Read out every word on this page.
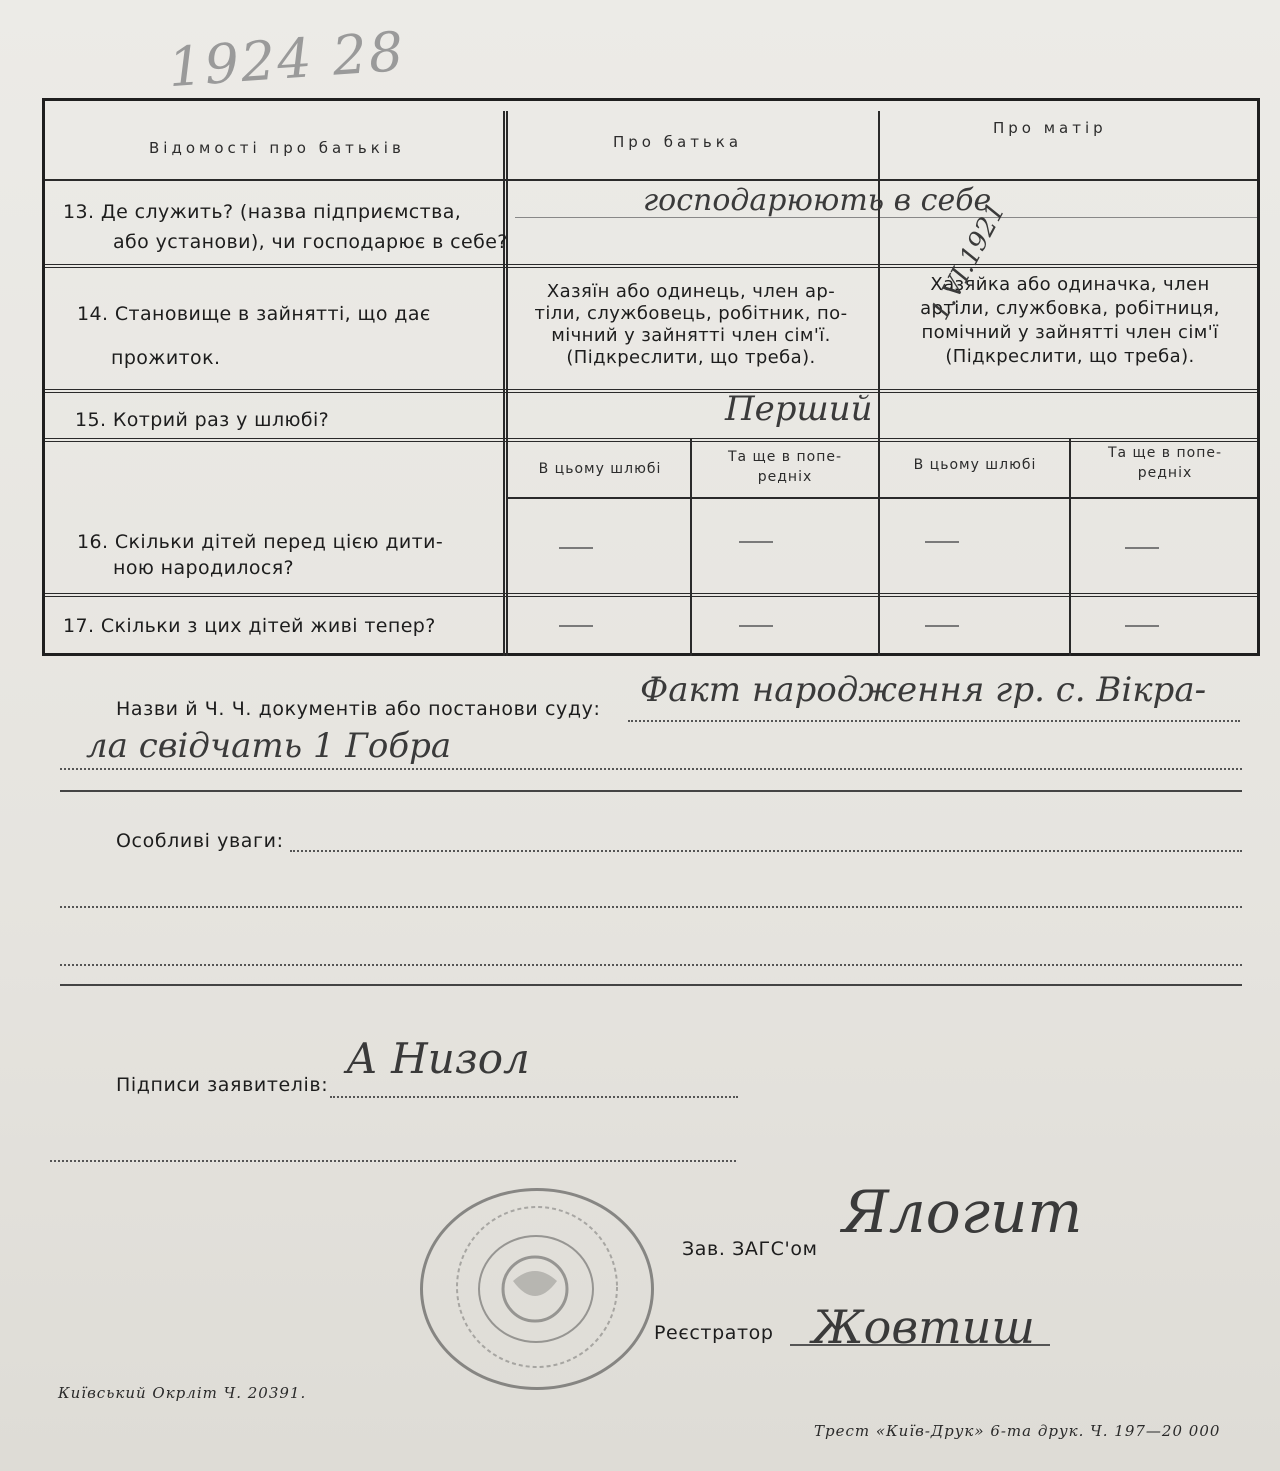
1924 28
Відомості про батьків	Про батька
Про матір
13. Де служить? (назва підприємства,
або установи), чи господарює в себе?
господарюють в себе
14. Становище в зайнятті, що дає
прожиток.
Хазяїн або одинець, член ар-
тіли, службовець, робітник, по-
мічний у зайнятті член сім'ї.
(Підкреслити, що треба).
Хазяйка або одиначка, член
артіли, службовка, робітниця,
помічний у зайнятті член сім'ї
(Підкреслити, що треба).
1.VI.1921
15. Котрий раз у шлюбі?	Перший
В цьому шлюбі
Та ще в попе-
редніх
В цьому шлюбі
Та ще в попе-
редніх
16. Скільки дітей перед цією дити-
ною народилося?
17. Скільки з цих дітей живі тепер?
Назви й Ч. Ч. документів або постанови суду: Факт народження гр. с. Вікра-
ла свідчать 1 Гобра
Особливі уваги:
Підписи заявителів:
А Низол
Зав. ЗАГС'ом
Ялогит
Реєстратор Жовтиш
Київський Окрліт Ч. 20391.
Трест «Київ-Друк» 6-та друк. Ч. 197—20 000
